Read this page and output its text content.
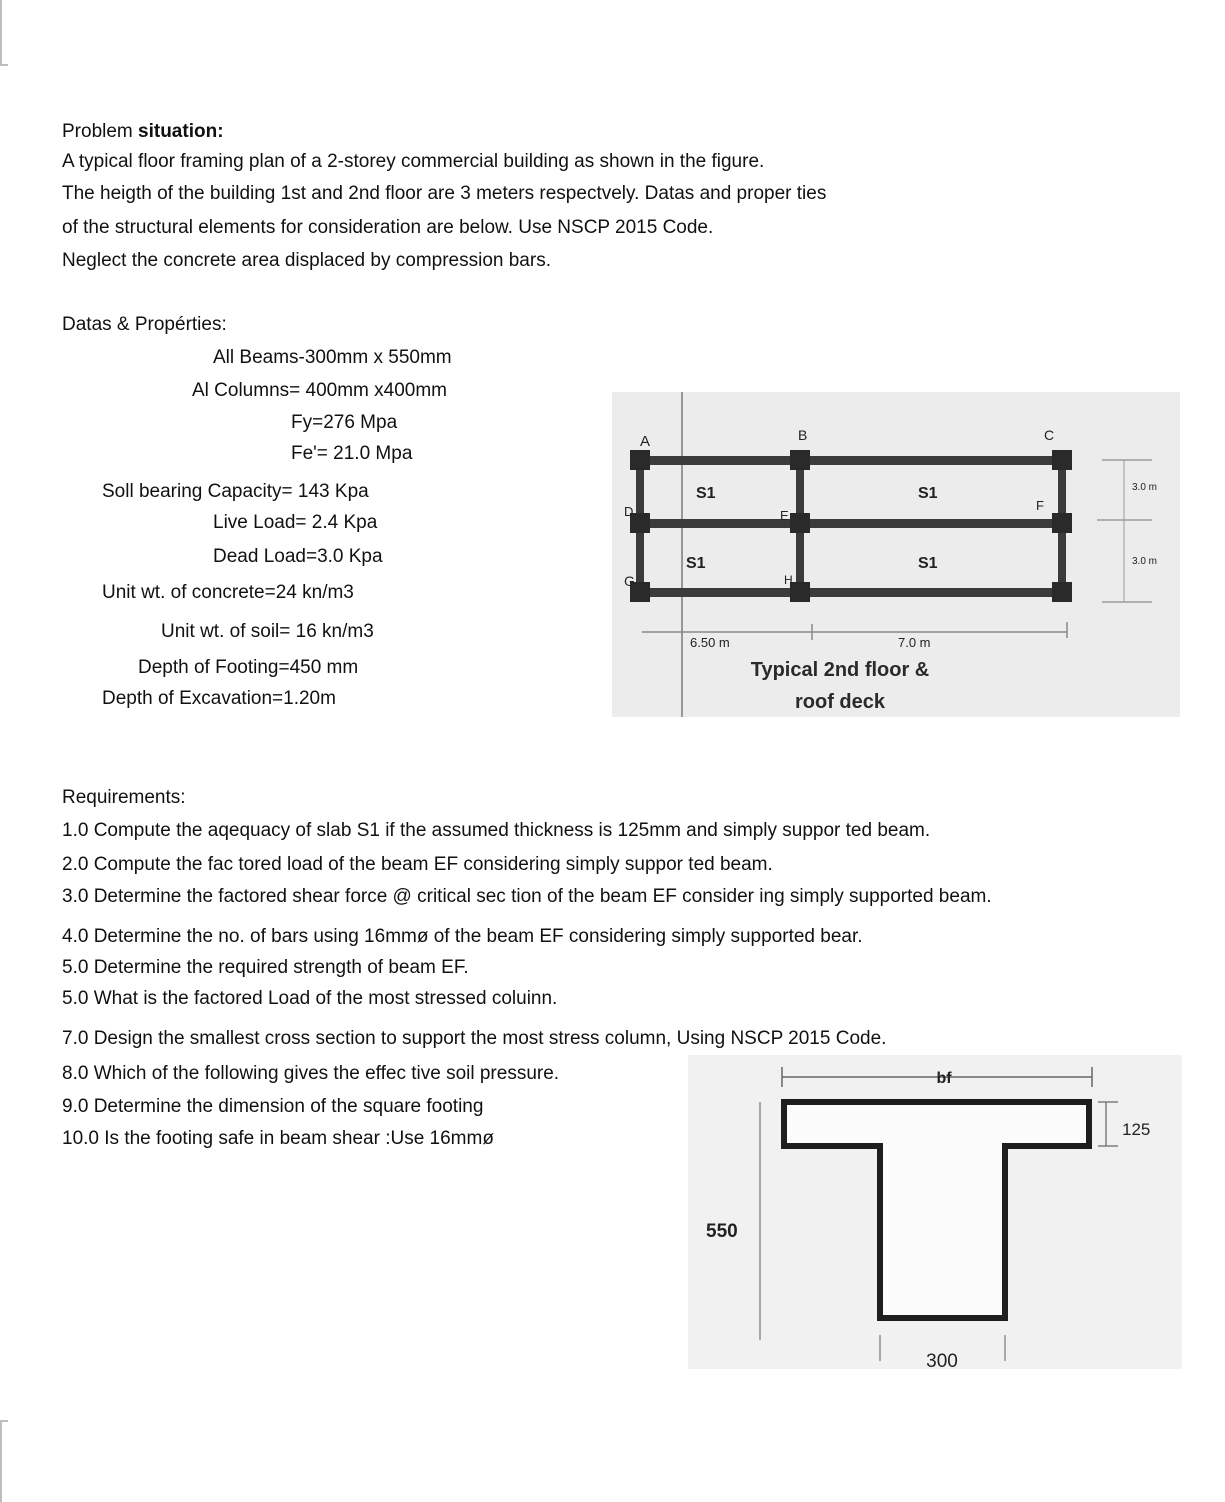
Problem situation:
A typical floor framing plan of a 2-storey commercial building as shown in the figure.
The heigth of the building 1st and 2nd floor are 3 meters respectvely. Datas and proper ties
of the structural elements for consideration are below. Use NSCP 2015 Code.
Neglect the concrete area displaced by compression bars.
Datas & Propérties:
All Beams-300mm x 550mm
Al Columns= 400mm x400mm
Fy=276 Mpa
Fe'= 21.0 Mpa
Soll bearing Capacity= 143 Kpa
Live Load= 2.4 Kpa
Dead Load=3.0 Kpa
Unit wt. of concrete=24 kn/m3
Unit wt. of soil= 16 kn/m3
Depth of Footing=450 mm
Depth of Excavation=1.20m
A	B	C
D	E
F
G	H
S1	S1
S1	S1
6.50 m	7.0 m
3.0 m
3.0 m
Typical 2nd floor &
roof deck
Requirements:
1.0 Compute the aqequacy of slab S1 if the assumed thickness is 125mm and simply suppor ted beam.
2.0 Compute the fac tored load of the beam EF considering simply suppor ted beam.
3.0 Determine the factored shear force @ critical sec tion of the beam EF consider ing simply supported beam.
4.0 Determine the no. of bars using 16mmø of the beam EF considering simply supported bear.
5.0 Determine the required strength of beam EF.
5.0 What is the factored Load of the most stressed coluinn.
7.0 Design the smallest cross section to support the most stress column, Using NSCP 2015 Code.
8.0 Which of the following gives the effec tive soil pressure.
9.0 Determine the dimension of the square footing
10.0 Is the footing safe in beam shear :Use 16mmø
bf
125
550
300
